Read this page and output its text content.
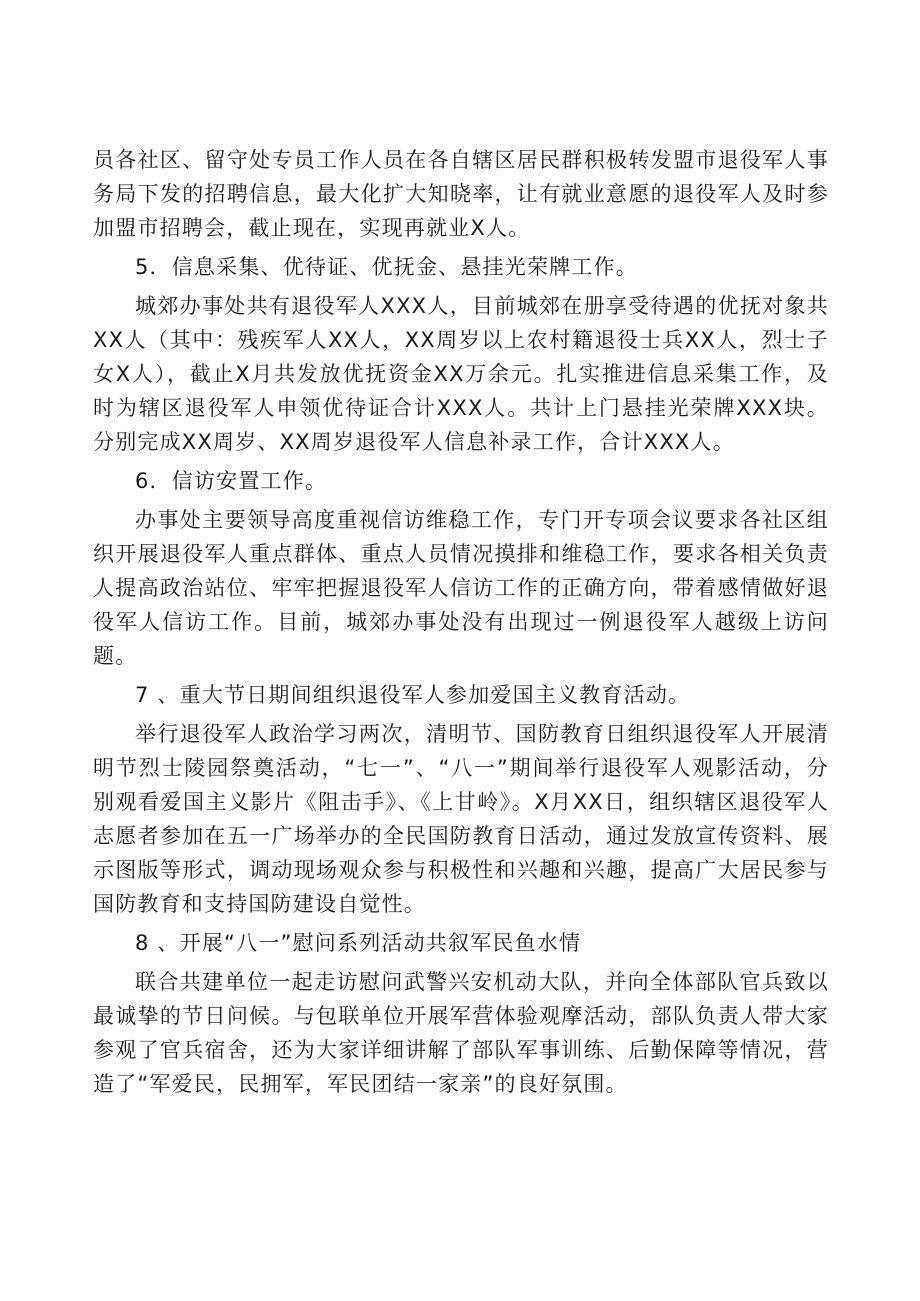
员各社区、留守处专员工作人员在各自辖区居民群积极转发盟市退役军人事务局下发的招聘信息，最大化扩大知晓率，让有就业意愿的退役军人及时参加盟市招聘会，截止现在，实现再就业X人。

5．信息采集、优待证、优抚金、悬挂光荣牌工作。

城郊办事处共有退役军人XXX人，目前城郊在册享受待遇的优抚对象共XX人（其中：残疾军人XX人，XX周岁以上农村籍退役士兵XX人，烈士子女X人），截止X月共发放优抚资金XX万余元。扎实推进信息采集工作，及时为辖区退役军人申领优待证合计XXX人。共计上门悬挂光荣牌XXX块。分别完成XX周岁、XX周岁退役军人信息补录工作，合计XXX人。

6．信访安置工作。

办事处主要领导高度重视信访维稳工作，专门开专项会议要求各社区组织开展退役军人重点群体、重点人员情况摸排和维稳工作，要求各相关负责人提高政治站位、牢牢把握退役军人信访工作的正确方向，带着感情做好退役军人信访工作。目前，城郊办事处没有出现过一例退役军人越级上访问题。

7 、重大节日期间组织退役军人参加爱国主义教育活动。

举行退役军人政治学习两次，清明节、国防教育日组织退役军人开展清明节烈士陵园祭奠活动，“七一”、“八一”期间举行退役军人观影活动，分别观看爱国主义影片《阻击手》、《上甘岭》。X月XX日，组织辖区退役军人志愿者参加在五一广场举办的全民国防教育日活动，通过发放宣传资料、展示图版等形式，调动现场观众参与积极性和兴趣和兴趣，提高广大居民参与国防教育和支持国防建设自觉性。

8 、开展“八一”慰问系列活动共叙军民鱼水情

联合共建单位一起走访慰问武警兴安机动大队，并向全体部队官兵致以最诚挚的节日问候。与包联单位开展军营体验观摩活动，部队负责人带大家参观了官兵宿舍，还为大家详细讲解了部队军事训练、后勤保障等情况，营造了“军爱民，民拥军，军民团结一家亲”的良好氛围。
